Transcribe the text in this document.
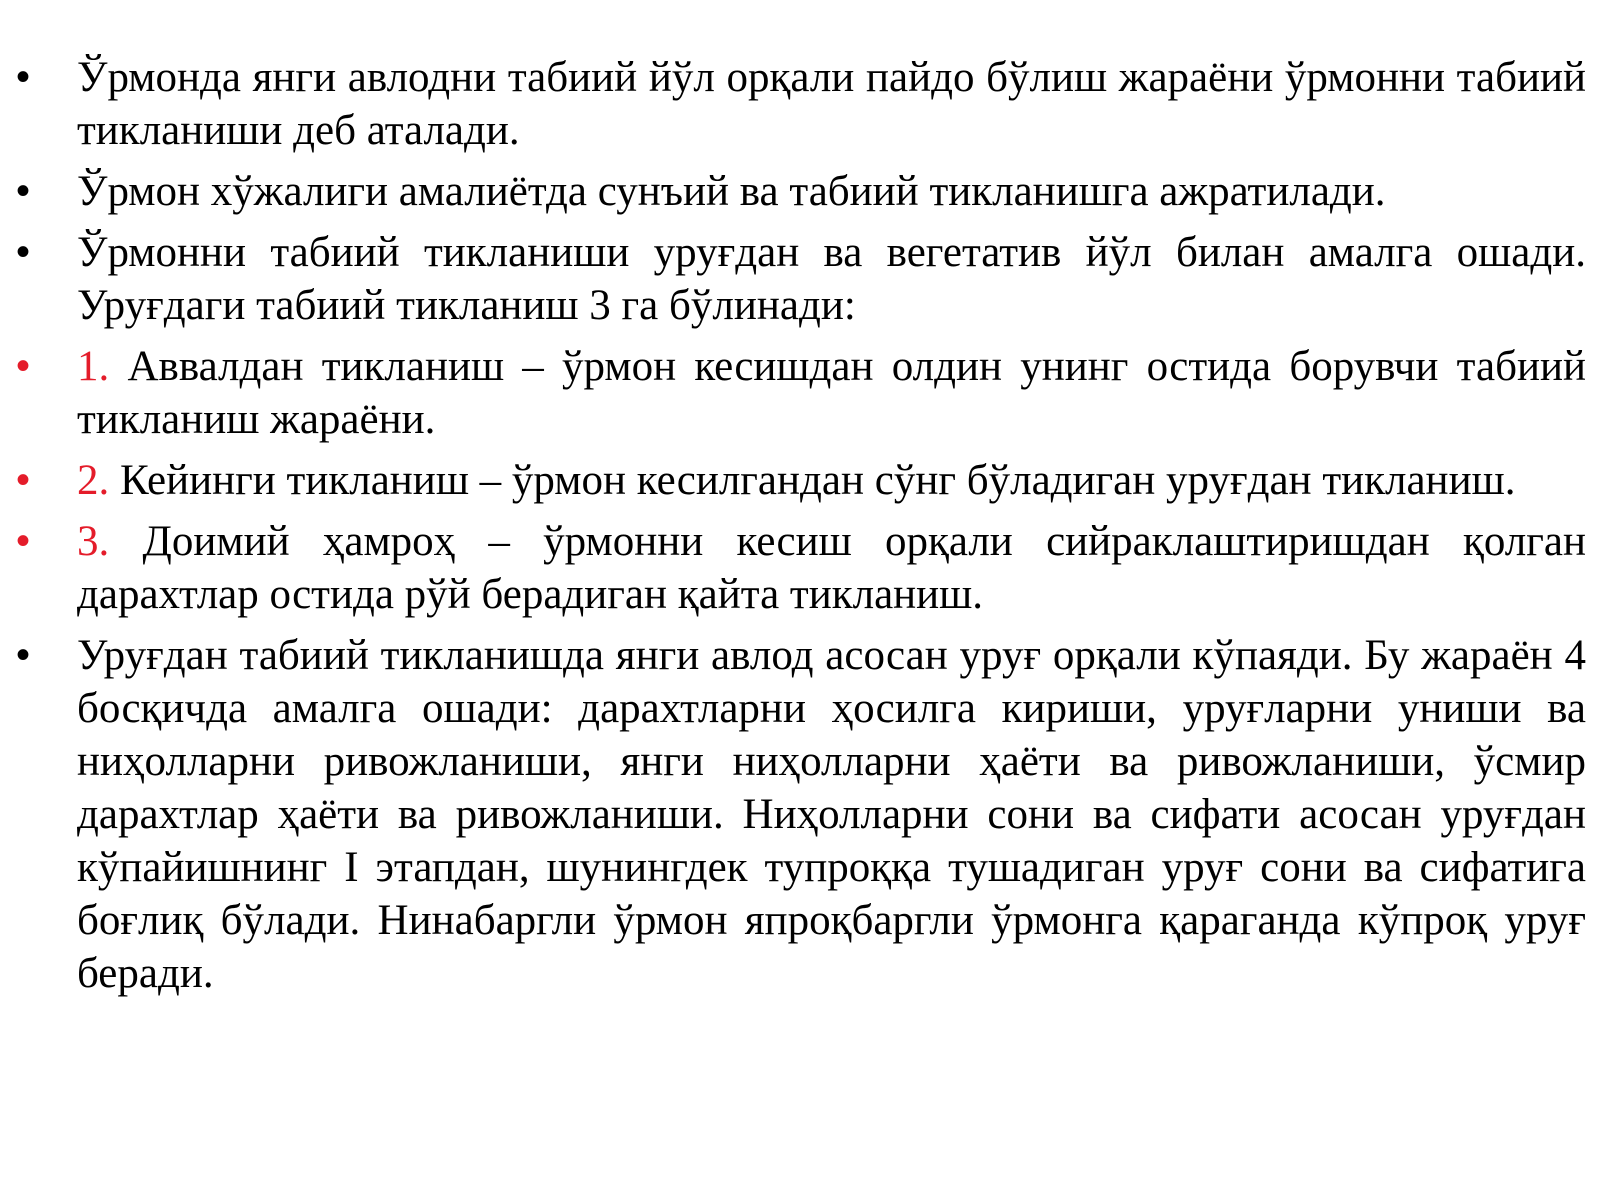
• Ўрмонда янги авлодни табиий йўл орқали пайдо бўлиш жараёни ўрмонни табиий тикланиши деб аталади.
• Ўрмон хўжалиги амалиётда сунъий ва табиий тикланишга ажратилади.
• Ўрмонни табиий тикланиши уруғдан ва вегетатив йўл билан амалга ошади. Уруғдаги табиий тикланиш 3 га бўлинади:
• 1. Аввалдан тикланиш – ўрмон кесишдан олдин унинг остида борувчи табиий тикланиш жараёни.
• 2. Кейинги тикланиш – ўрмон кесилгандан сўнг бўладиган уруғдан тикланиш.
• 3. Доимий ҳамроҳ – ўрмонни кесиш орқали сийраклаштиришдан қолган дарахтлар остида рўй берадиган қайта тикланиш.
• Уруғдан табиий тикланишда янги авлод асосан уруғ орқали кўпаяди. Бу жараён 4 босқичда амалга ошади: дарахтларни ҳосилга кириши, уруғларни униши ва ниҳолларни ривожланиши, янги ниҳолларни ҳаёти ва ривожланиши, ўсмир дарахтлар ҳаёти ва ривожланиши. Ниҳолларни сони ва сифати асосан уруғдан кўпайишнинг I этапдан, шунингдек тупроққа тушадиган уруғ сони ва сифатига боғлиқ бўлади. Нинабаргли ўрмон япроқбаргли ўрмонга қараганда кўпроқ уруғ беради.
